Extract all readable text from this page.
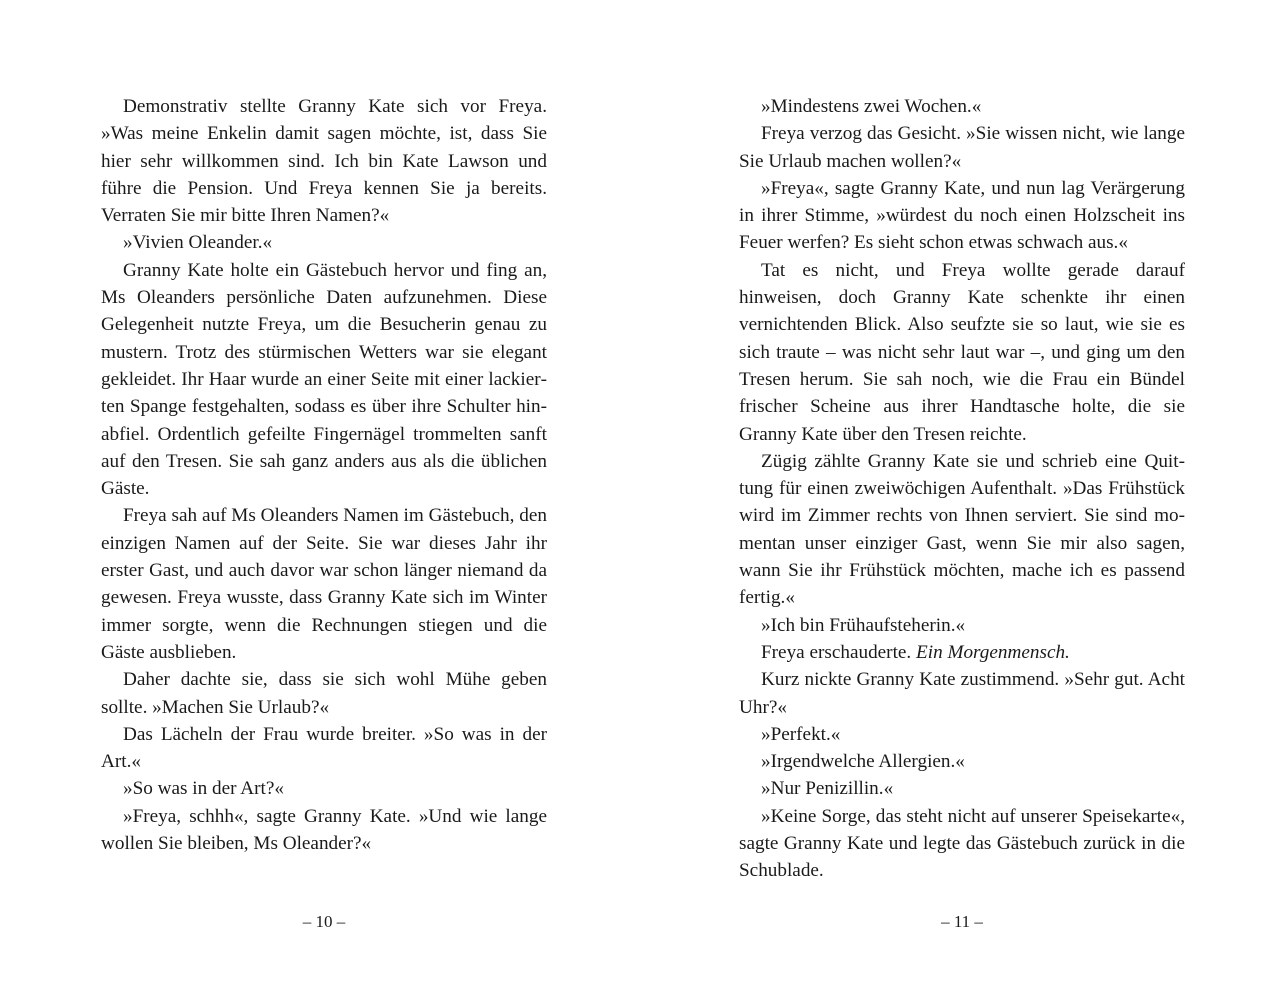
Demonstrativ stellte Granny Kate sich vor Freya. »Was meine Enkelin damit sagen möchte, ist, dass Sie hier sehr willkommen sind. Ich bin Kate Lawson und führe die Pension. Und Freya kennen Sie ja bereits. Verraten Sie mir bitte Ihren Namen?«

»Vivien Oleander.«

Granny Kate holte ein Gästebuch hervor und fing an, Ms Oleanders persönliche Daten aufzunehmen. Diese Gelegenheit nutzte Freya, um die Besucherin genau zu mustern. Trotz des stürmischen Wetters war sie elegant gekleidet. Ihr Haar wurde an einer Seite mit einer lackierten Spange festgehalten, sodass es über ihre Schulter hinabfiel. Ordentlich gefeilte Fingernägel trommelten sanft auf den Tresen. Sie sah ganz anders aus als die üblichen Gäste.

Freya sah auf Ms Oleanders Namen im Gästebuch, den einzigen Namen auf der Seite. Sie war dieses Jahr ihr erster Gast, und auch davor war schon länger niemand da gewesen. Freya wusste, dass Granny Kate sich im Winter immer sorgte, wenn die Rechnungen stiegen und die Gäste ausblieben.

Daher dachte sie, dass sie sich wohl Mühe geben sollte. »Machen Sie Urlaub?«

Das Lächeln der Frau wurde breiter. »So was in der Art.«

»So was in der Art?«

»Freya, schhh«, sagte Granny Kate. »Und wie lange wollen Sie bleiben, Ms Oleander?«

– 10 –

»Mindestens zwei Wochen.«

Freya verzog das Gesicht. »Sie wissen nicht, wie lange Sie Urlaub machen wollen?«

»Freya«, sagte Granny Kate, und nun lag Verärgerung in ihrer Stimme, »würdest du noch einen Holzscheit ins Feuer werfen? Es sieht schon etwas schwach aus.«

Tat es nicht, und Freya wollte gerade darauf hinweisen, doch Granny Kate schenkte ihr einen vernichtenden Blick. Also seufzte sie so laut, wie sie es sich traute – was nicht sehr laut war –, und ging um den Tresen herum. Sie sah noch, wie die Frau ein Bündel frischer Scheine aus ihrer Handtasche holte, die sie Granny Kate über den Tresen reichte.

Zügig zählte Granny Kate sie und schrieb eine Quittung für einen zweiwöchigen Aufenthalt. »Das Frühstück wird im Zimmer rechts von Ihnen serviert. Sie sind momentan unser einziger Gast, wenn Sie mir also sagen, wann Sie ihr Frühstück möchten, mache ich es passend fertig.«

»Ich bin Frühaufsteherin.«

Freya erschauderte. Ein Morgenmensch.

Kurz nickte Granny Kate zustimmend. »Sehr gut. Acht Uhr?«

»Perfekt.«

»Irgendwelche Allergien.«

»Nur Penizillin.«

»Keine Sorge, das steht nicht auf unserer Speisekarte«, sagte Granny Kate und legte das Gästebuch zurück in die Schublade.

– 11 –
